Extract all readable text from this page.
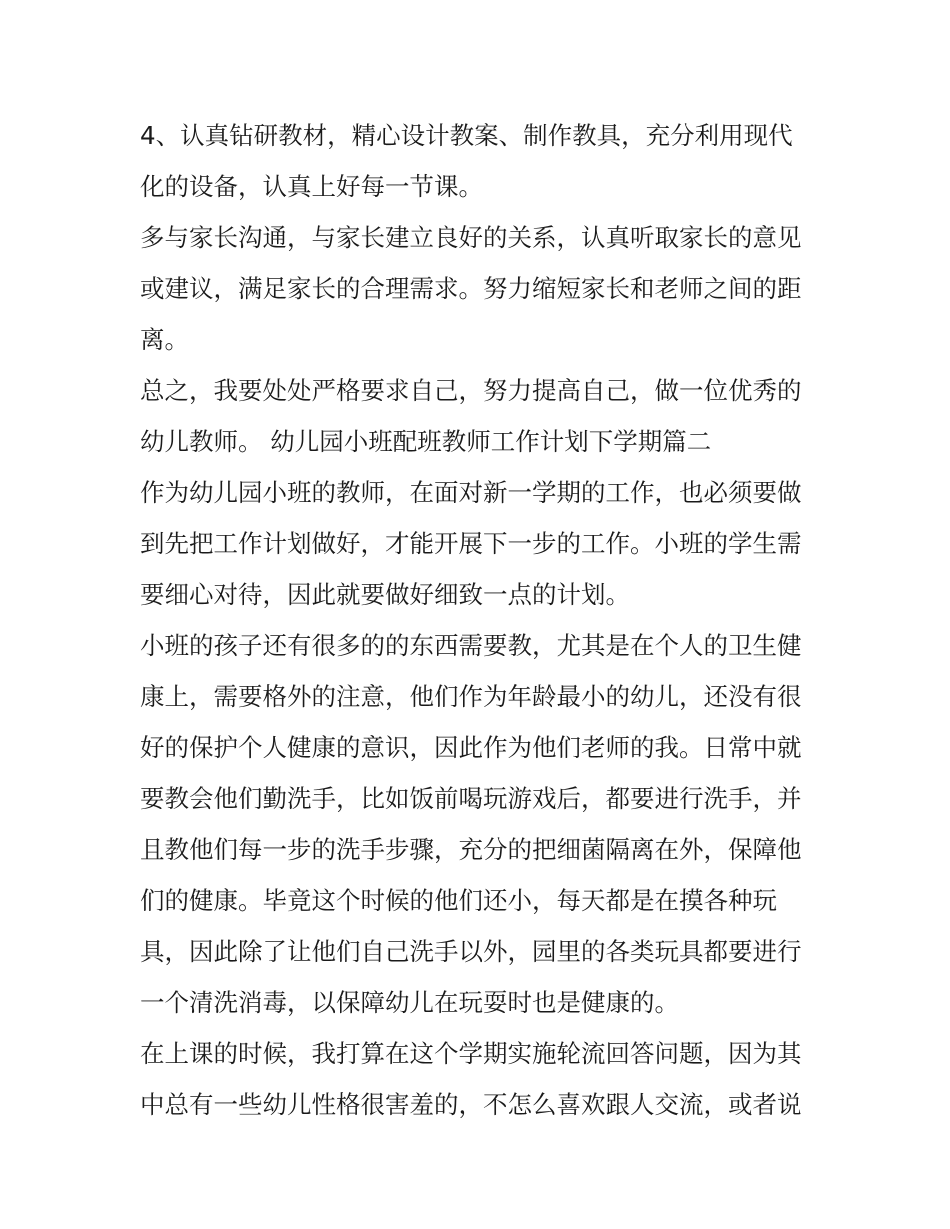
4、认真钻研教材，精心设计教案、制作教具，充分利用现代
化的设备，认真上好每一节课。
多与家长沟通，与家长建立良好的关系，认真听取家长的意见
或建议，满足家长的合理需求。努力缩短家长和老师之间的距
离。
总之，我要处处严格要求自己，努力提高自己，做一位优秀的
幼儿教师。 幼儿园小班配班教师工作计划下学期篇二
作为幼儿园小班的教师，在面对新一学期的工作，也必须要做
到先把工作计划做好，才能开展下一步的工作。小班的学生需
要细心对待，因此就要做好细致一点的计划。
小班的孩子还有很多的的东西需要教，尤其是在个人的卫生健
康上，需要格外的注意，他们作为年龄最小的幼儿，还没有很
好的保护个人健康的意识，因此作为他们老师的我。日常中就
要教会他们勤洗手，比如饭前喝玩游戏后，都要进行洗手，并
且教他们每一步的洗手步骤，充分的把细菌隔离在外，保障他
们的健康。毕竟这个时候的他们还小，每天都是在摸各种玩
具，因此除了让他们自己洗手以外，园里的各类玩具都要进行
一个清洗消毒，以保障幼儿在玩耍时也是健康的。
在上课的时候，我打算在这个学期实施轮流回答问题，因为其
中总有一些幼儿性格很害羞的，不怎么喜欢跟人交流，或者说
